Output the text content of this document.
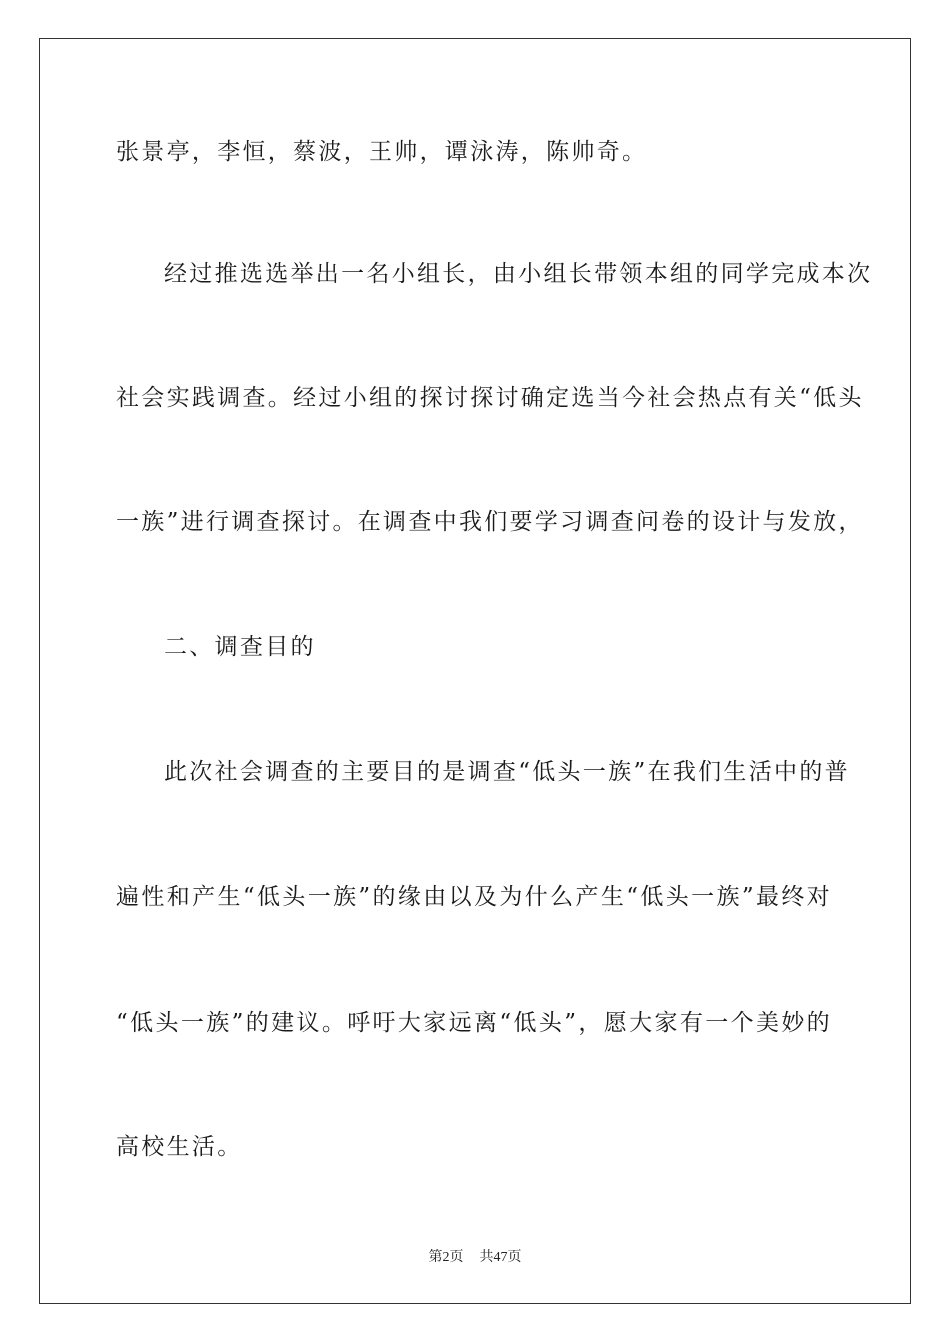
张景亭，李恒，蔡波，王帅，谭泳涛，陈帅奇。
经过推选选举出一名小组长，由小组长带领本组的同学完成本次
社会实践调查。经过小组的探讨探讨确定选当今社会热点有关“低头
一族”进行调查探讨。在调查中我们要学习调查问卷的设计与发放，
二、调查目的
此次社会调查的主要目的是调查“低头一族”在我们生活中的普
遍性和产生“低头一族”的缘由以及为什么产生“低头一族”最终对
“低头一族”的建议。呼吁大家远离“低头”，愿大家有一个美妙的
高校生活。
第2页 共47页
